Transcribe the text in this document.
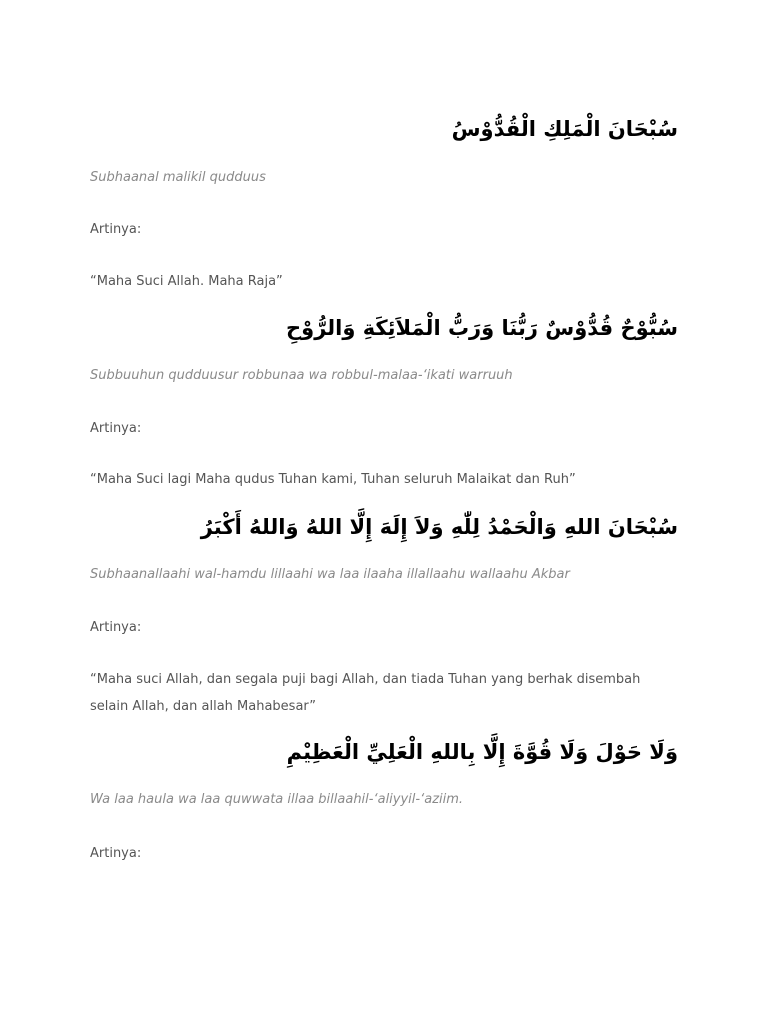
سُبْحَانَ الْمَلِكِ الْقُدُّوْسُ
Subhaanal malikil qudduus
Artinya:
“Maha Suci Allah. Maha Raja”
سُبُّوْحٌ قُدُّوْسٌ رَبُّنَا وَرَبُّ الْمَلاَئِكَةِ وَالرُّوْحِ
Subbuuhun qudduusur robbunaa wa robbul-malaa-‘ikati warruuh
Artinya:
“Maha Suci lagi Maha qudus Tuhan kami, Tuhan seluruh Malaikat dan Ruh”
سُبْحَانَ اللهِ وَالْحَمْدُ لِلّٰهِ وَلاَ إِلَهَ إِلَّا اللهُ وَاللهُ أَكْبَرُ
Subhaanallaahi wal-hamdu lillaahi wa laa ilaaha illallaahu wallaahu Akbar
Artinya:
“Maha suci Allah, dan segala puji bagi Allah, dan tiada Tuhan yang berhak disembah selain Allah, dan allah Mahabesar”
وَلَا حَوْلَ وَلَا قُوَّةَ إِلَّا بِاللهِ الْعَلِيِّ الْعَظِيْمِ
Wa laa haula wa laa quwwata illaa billaahil-‘aliyyil-‘aziim.
Artinya:
